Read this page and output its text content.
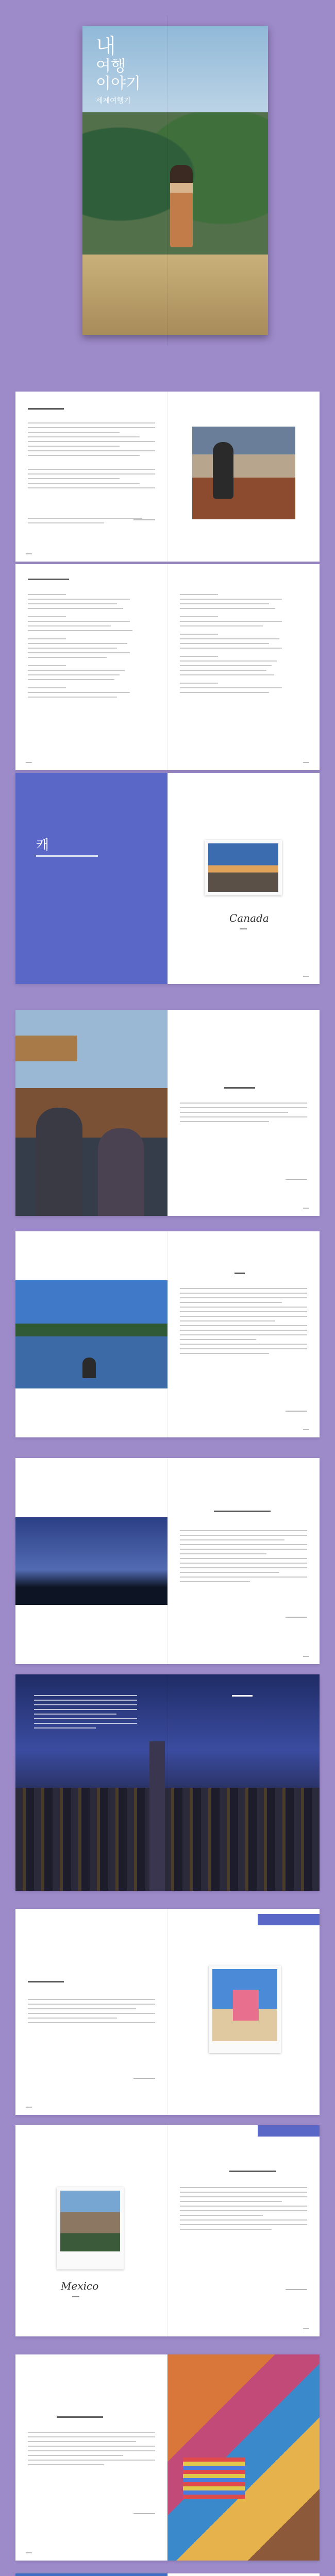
내
여행
이야기
세계여행기
캐
Canada
Mexico
